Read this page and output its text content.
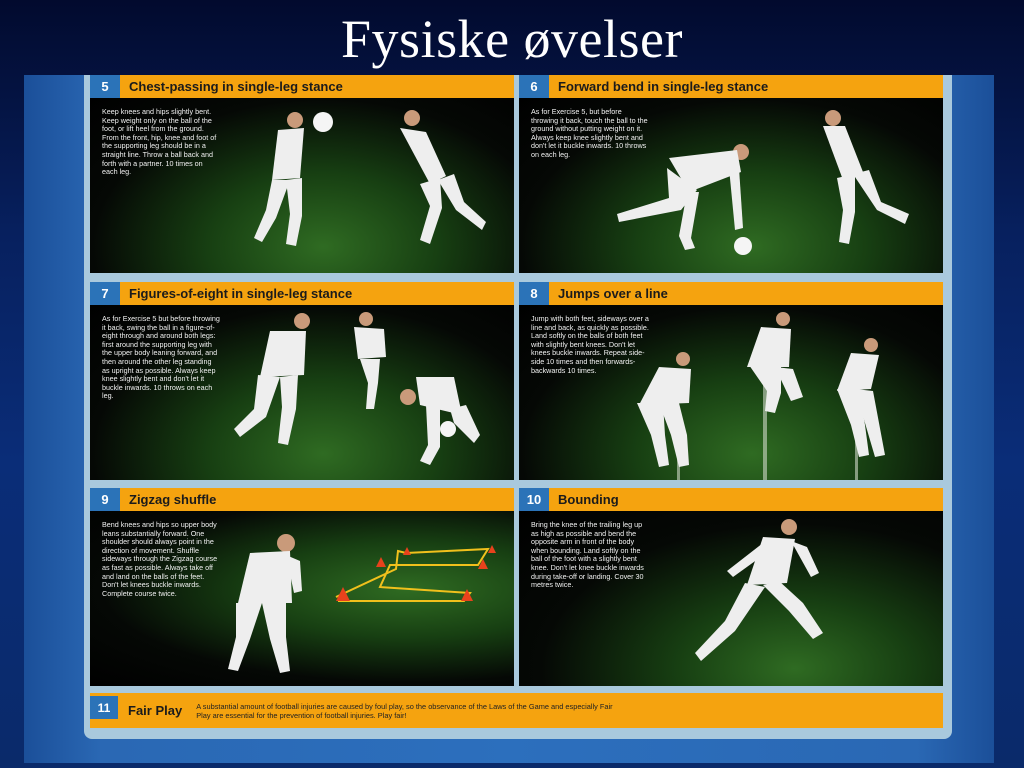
Fysiske øvelser
5	Chest-passing in single-leg stance
Keep knees and hips slightly bent. Keep weight only on the ball of the foot, or lift heel from the ground. From the front, hip, knee and foot of the supporting leg should be in a straight line. Throw a ball back and forth with a partner. 10 times on each leg.
6	Forward bend in single-leg stance
As for Exercise 5, but before throwing it back, touch the ball to the ground without putting weight on it. Always keep knee slightly bent and don't let it buckle inwards. 10 throws on each leg.
7	Figures-of-eight in single-leg stance
As for Exercise 5 but before throwing it back, swing the ball in a figure-of-eight through and around both legs: first around the supporting leg with the upper body leaning forward, and then around the other leg standing as upright as possible. Always keep knee slightly bent and don't let it buckle inwards. 10 throws on each leg.
8	Jumps over a line
Jump with both feet, sideways over a line and back, as quickly as possible. Land softly on the balls of both feet with slightly bent knees. Don't let knees buckle inwards. Repeat side-side 10 times and then forwards-backwards 10 times.
9	Zigzag shuffle
Bend knees and hips so upper body leans substantially forward. One shoulder should always point in the direction of movement. Shuffle sideways through the Zigzag course as fast as possible. Always take off and land on the balls of the feet. Don't let knees buckle inwards. Complete course twice.
10	Bounding
Bring the knee of the trailing leg up as high as possible and bend the opposite arm in front of the body when bounding. Land softly on the ball of the foot with a slightly bent knee. Don't let knee buckle inwards during take-off or landing. Cover 30 metres twice.
11	Fair Play	A substantial amount of football injuries are caused by foul play, so the observance of the Laws of the Game and especially Fair Play are essential for the prevention of football injuries. Play fair!
